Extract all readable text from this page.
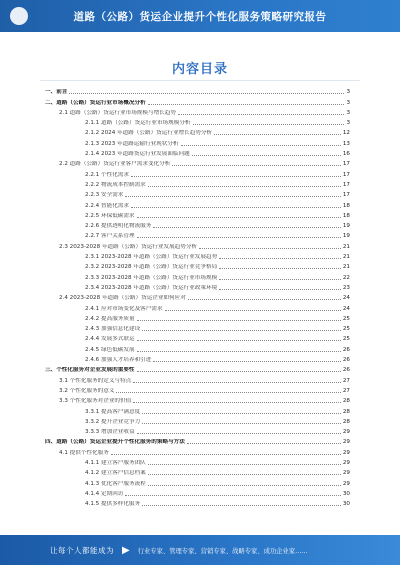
道路（公路）货运企业提升个性化服务策略研究报告
内容目录
一、前言	3
二、道路（公路）货运行业市场概况分析	3
2.1 道路（公路）货运行业市场规模与增长趋势	3
2.1.1 道路（公路）货运行业市场规模分析	3
2.1.2 2024 年道路（公路）货运行业增长趋势分析	12
2.1.3 2023 年道路运输行业现状分析	13
2.1.4 2023 年道路货运行业发展面临问题	16
2.2 道路（公路）货运行业客户需求变化分析	17
2.2.1 个性化需求	17
2.2.2 物流成本控制需求	17
2.2.3 安全需求	17
2.2.4 智能化需求	18
2.2.5 环保低碳需求	18
2.2.6 提供透明化物流服务	19
2.2.7 客户关系管理	19
2.3 2023-2028 年道路（公路）货运行业发展趋势分析	21
2.3.1 2023-2028 年道路（公路）货运行业发展趋势	21
2.3.2 2023-2028 年道路（公路）货运行业竞争格局	21
2.3.3 2023-2028 年道路（公路）货运行业市场规模	22
2.3.4 2023-2028 年道路（公路）货运行业政策环境	23
2.4 2023-2028 年道路（公路）货运企业如何应对	24
2.4.1 应对市场变化及客户需求	24
2.4.2 提高服务质量	25
2.4.3 加强信息化建设	25
2.4.4 发展多式联运	25
2.4.5 绿色低碳发展	26
2.4.6 加强人才培养和引进	26
三、个性化服务对企业发展的重要性	26
3.1 个性化服务的定义与特点	27
3.2 个性化服务的意义	27
3.3 个性化服务对企业的价值	28
3.3.1 提高客户满意度	28
3.3.2 提升企业竞争力	28
3.3.3 增加企业收益	29
四、道路（公路）货运企业提升个性化服务的策略与方法	29
4.1 提供个性化服务	29
4.1.1 建立客户服务团队	29
4.1.2 建立客户信息档案	29
4.1.3 优化客户服务流程	29
4.1.4 定期回访	30
4.1.5 提供多样化服务	30
让每个人都能成为 ▶ 行业专家、管理专家、营销专家、战略专家、成功企业家……
